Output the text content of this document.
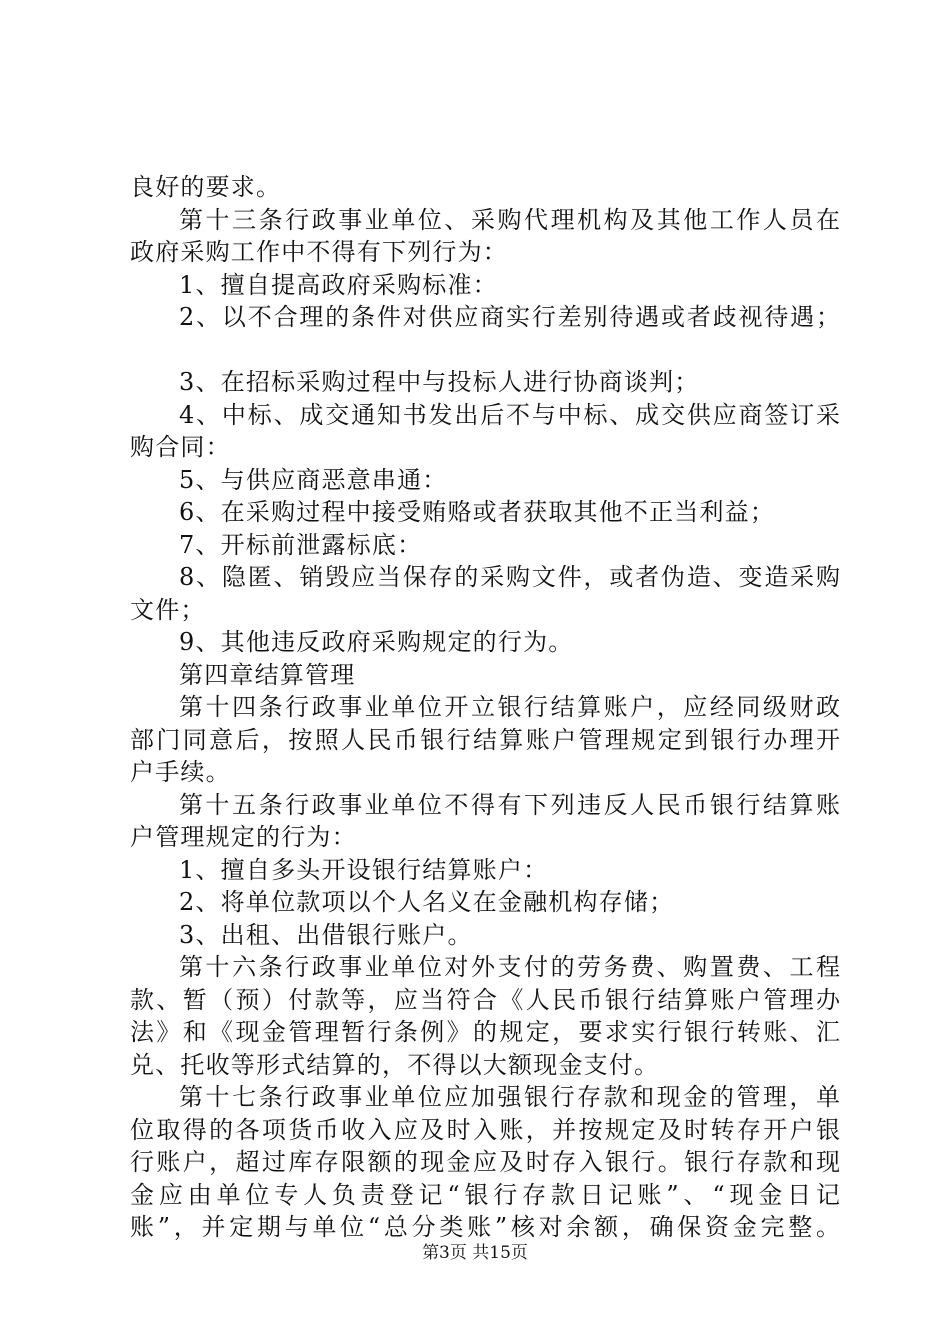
良好的要求。
第十三条行政事业单位、采购代理机构及其他工作人员在
政府采购工作中不得有下列行为：
1、擅自提高政府采购标准：
2、以不合理的条件对供应商实行差别待遇或者歧视待遇；
3、在招标采购过程中与投标人进行协商谈判；
4、中标、成交通知书发出后不与中标、成交供应商签订采
购合同：
5、与供应商恶意串通：
6、在采购过程中接受贿赂或者获取其他不正当利益；
7、开标前泄露标底：
8、隐匿、销毁应当保存的采购文件，或者伪造、变造采购
文件；
9、其他违反政府采购规定的行为。
第四章结算管理
第十四条行政事业单位开立银行结算账户，应经同级财政
部门同意后，按照人民币银行结算账户管理规定到银行办理开
户手续。
第十五条行政事业单位不得有下列违反人民币银行结算账
户管理规定的行为：
1、擅自多头开设银行结算账户：
2、将单位款项以个人名义在金融机构存储；
3、出租、出借银行账户。
第十六条行政事业单位对外支付的劳务费、购置费、工程
款、暂（预）付款等，应当符合《人民币银行结算账户管理办
法》和《现金管理暂行条例》的规定，要求实行银行转账、汇
兑、托收等形式结算的，不得以大额现金支付。
第十七条行政事业单位应加强银行存款和现金的管理，单
位取得的各项货币收入应及时入账，并按规定及时转存开户银
行账户，超过库存限额的现金应及时存入银行。银行存款和现
金应由单位专人负责登记“银行存款日记账”、“现金日记
账”，并定期与单位“总分类账”核对余额，确保资金完整。
第3页 共15页
